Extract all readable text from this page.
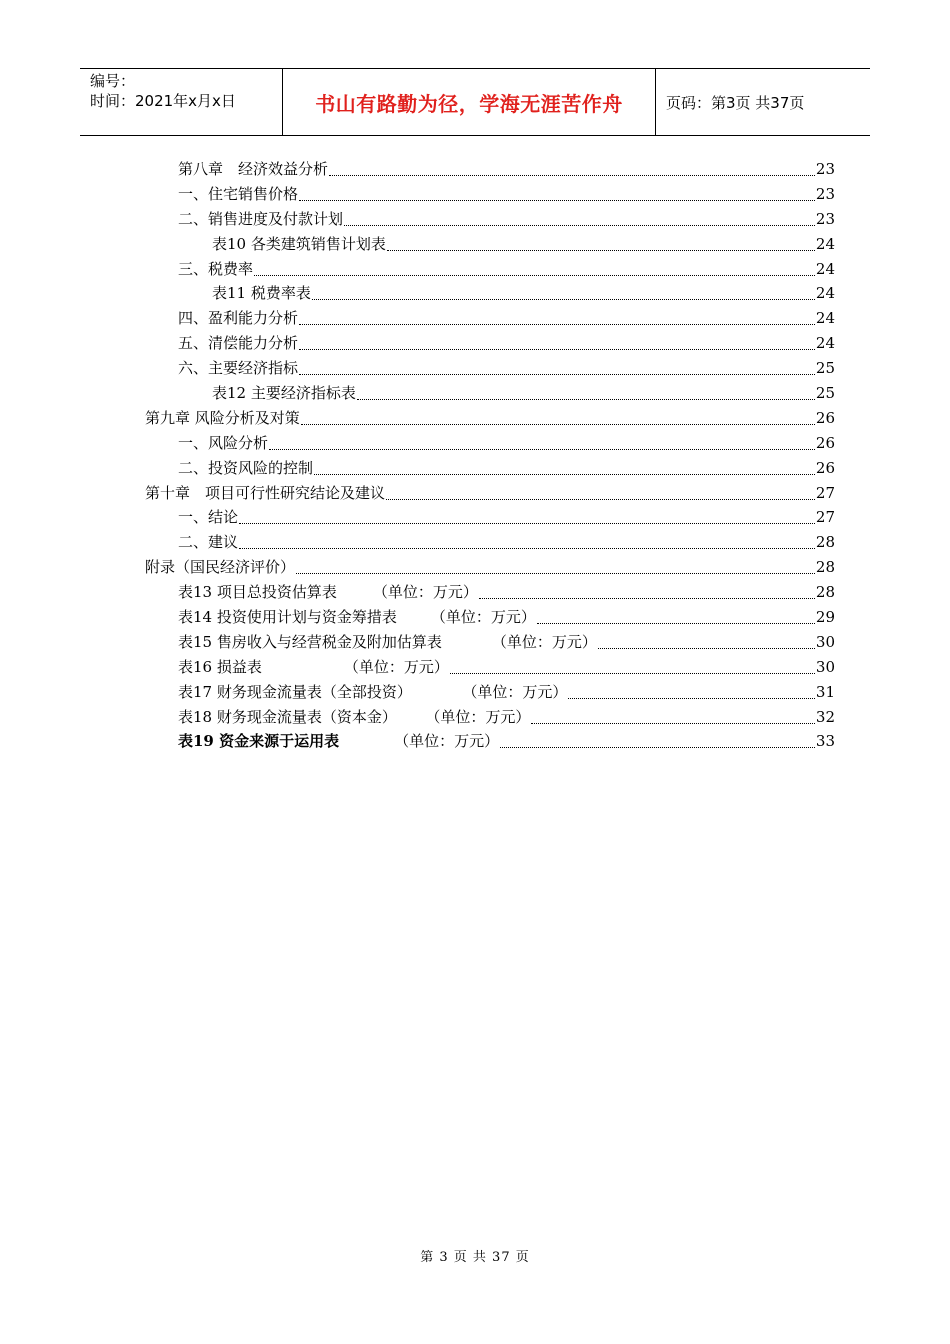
编号：
时间：2021年x月x日	书山有路勤为径，学海无涯苦作舟	页码：第3页 共37页
第八章　经济效益分析	23
一、住宅销售价格	23
二、销售进度及付款计划	23
表10 各类建筑销售计划表	24
三、税费率	24
表11 税费率表	24
四、盈利能力分析	24
五、清偿能力分析	24
六、主要经济指标	25
表12 主要经济指标表	25
第九章 风险分析及对策	26
一、风险分析	26
二、投资风险的控制	26
第十章　项目可行性研究结论及建议	27
一、结论	27
二、建议	28
附录（国民经济评价）	28
表13 项目总投资估算表 （单位：万元）	28
表14 投资使用计划与资金筹措表 （单位：万元）	29
表15 售房收入与经营税金及附加估算表	（单位：万元）	30
表16 损益表	（单位：万元）	30
表17 财务现金流量表（全部投资）	（单位：万元）	31
表18 财务现金流量表（资本金） （单位：万元）	32
表19 资金来源于运用表	（单位：万元）	33
第 3 页 共 37 页
